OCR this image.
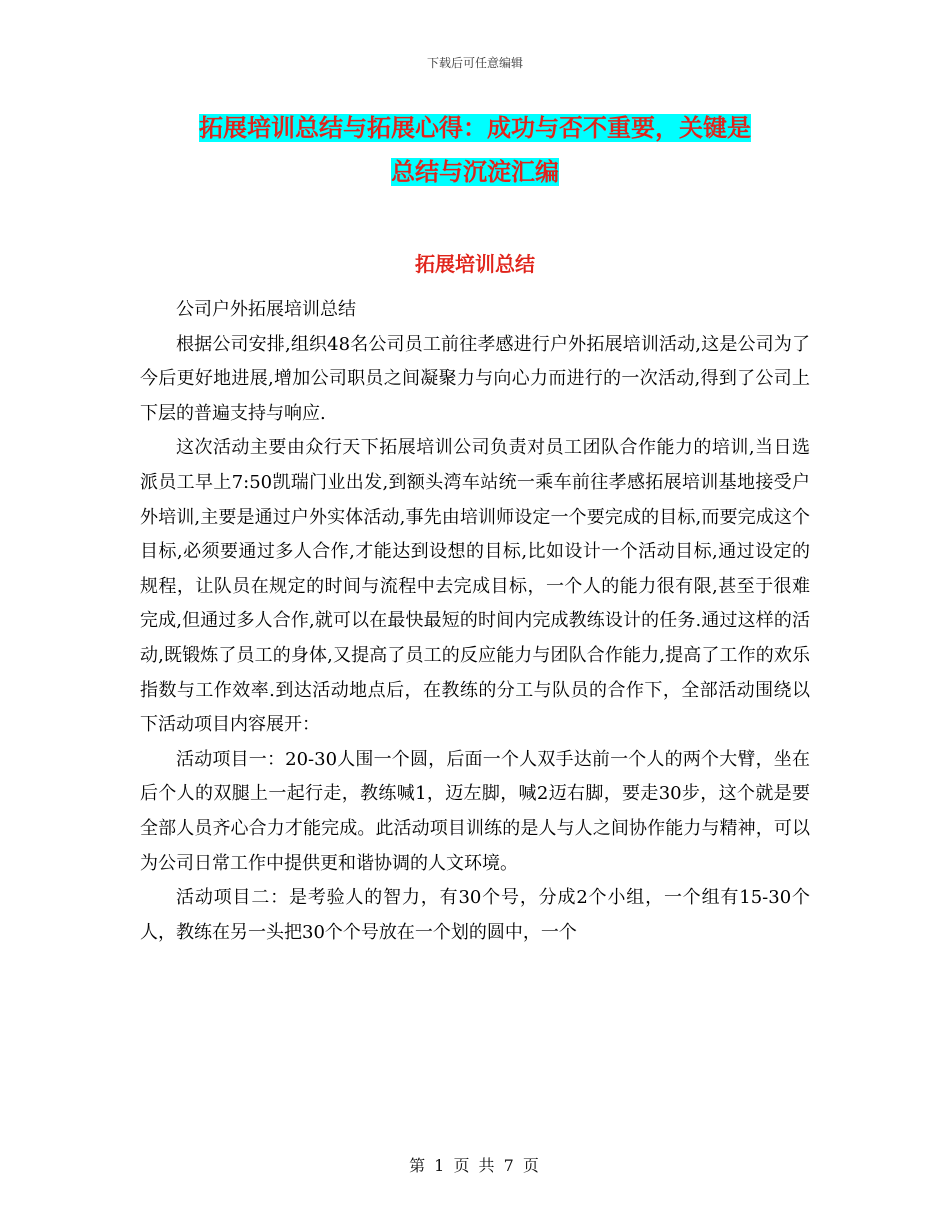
下载后可任意编辑
拓展培训总结与拓展心得：成功与否不重要，关键是
总结与沉淀汇编
拓展培训总结

公司户外拓展培训总结

根据公司安排,组织48名公司员工前往孝感进行户外拓展培训活动,这是公司为了今后更好地进展,增加公司职员之间凝聚力与向心力而进行的一次活动,得到了公司上下层的普遍支持与响应.

这次活动主要由众行天下拓展培训公司负责对员工团队合作能力的培训,当日选派员工早上7:50凯瑞门业出发,到额头湾车站统一乘车前往孝感拓展培训基地接受户外培训,主要是通过户外实体活动,事先由培训师设定一个要完成的目标,而要完成这个目标,必须要通过多人合作,才能达到设想的目标,比如设计一个活动目标,通过设定的规程，让队员在规定的时间与流程中去完成目标，一个人的能力很有限,甚至于很难完成,但通过多人合作,就可以在最快最短的时间内完成教练设计的任务.通过这样的活动,既锻炼了员工的身体,又提高了员工的反应能力与团队合作能力,提高了工作的欢乐指数与工作效率.到达活动地点后，在教练的分工与队员的合作下，全部活动围绕以下活动项目内容展开：

活动项目一：20-30人围一个圆，后面一个人双手达前一个人的两个大臂，坐在后个人的双腿上一起行走，教练喊1，迈左脚，喊2迈右脚，要走30步，这个就是要全部人员齐心合力才能完成。此活动项目训练的是人与人之间协作能力与精神，可以为公司日常工作中提供更和谐协调的人文环境。

活动项目二：是考验人的智力，有30个号，分成2个小组，一个组有15-30个人，教练在另一头把30个个号放在一个划的圆中，一个

第 1 页 共 7 页
